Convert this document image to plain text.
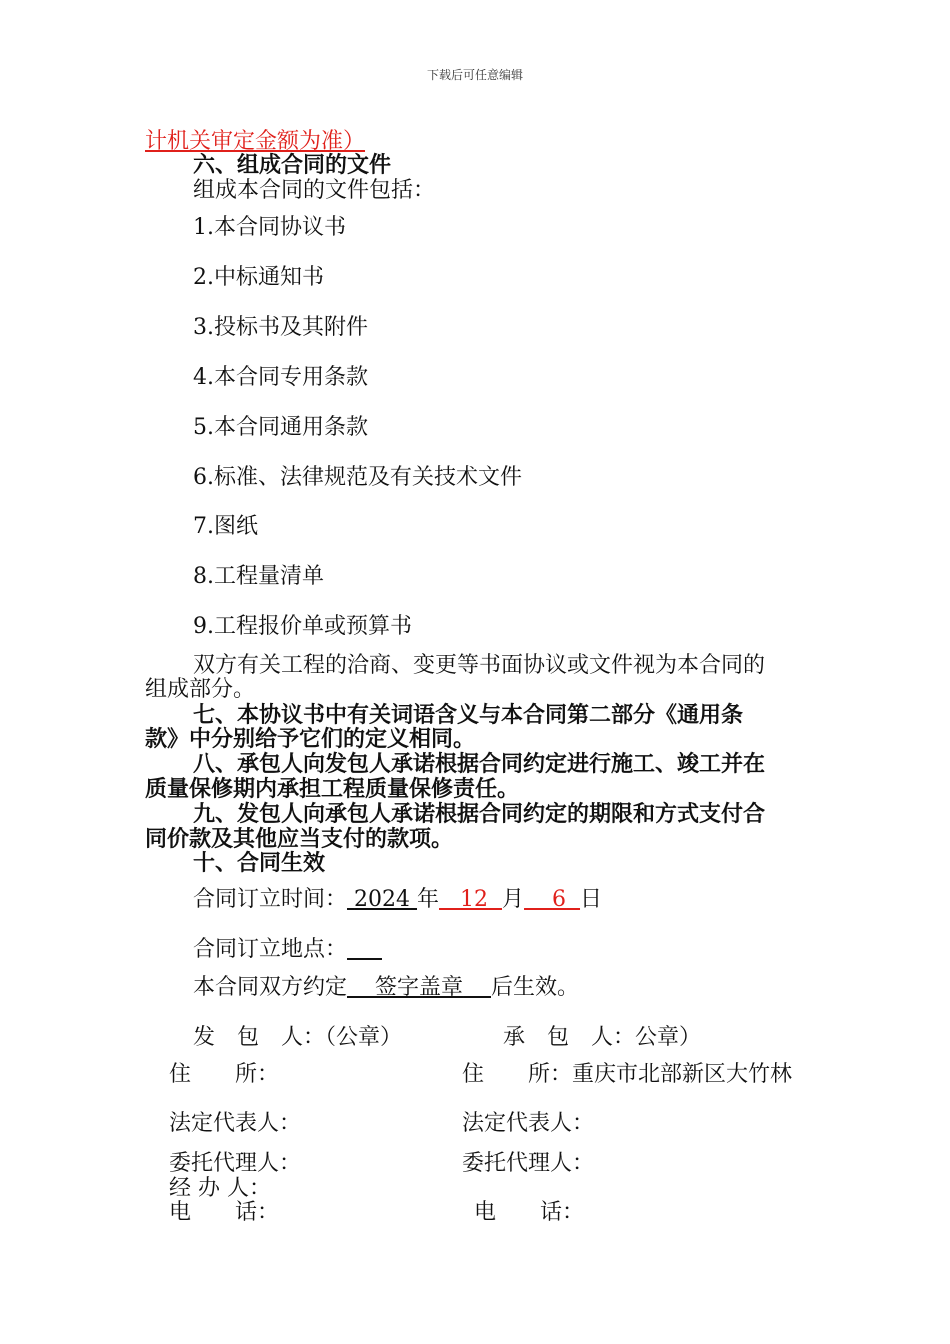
下载后可任意编辑
计机关审定金额为准）
六、组成合同的文件
组成本合同的文件包括：
1.本合同协议书
2.中标通知书
3.投标书及其附件
4.本合同专用条款
5.本合同通用条款
6.标准、法律规范及有关技术文件
7.图纸
8.工程量清单
9.工程报价单或预算书
双方有关工程的洽商、变更等书面协议或文件视为本合同的
组成部分。
七、本协议书中有关词语含义与本合同第二部分《通用条
款》中分别给予它们的定义相同。
八、承包人向发包人承诺根据合同约定进行施工、竣工并在
质量保修期内承担工程质量保修责任。
九、发包人向承包人承诺根据合同约定的期限和方式支付合
同价款及其他应当支付的款项。
十、合同生效
合同订立时间： 2024 年 12 月 6 日
合同订立地点：
本合同双方约定 签字盖章 后生效。
发　包　人：（公章）	承　包　人：公章）
住　　所：	住　　所：重庆市北部新区大竹林
法定代表人：	法定代表人：
委托代理人：	委托代理人：
经 办 人：
电　　话：	电　　话：
